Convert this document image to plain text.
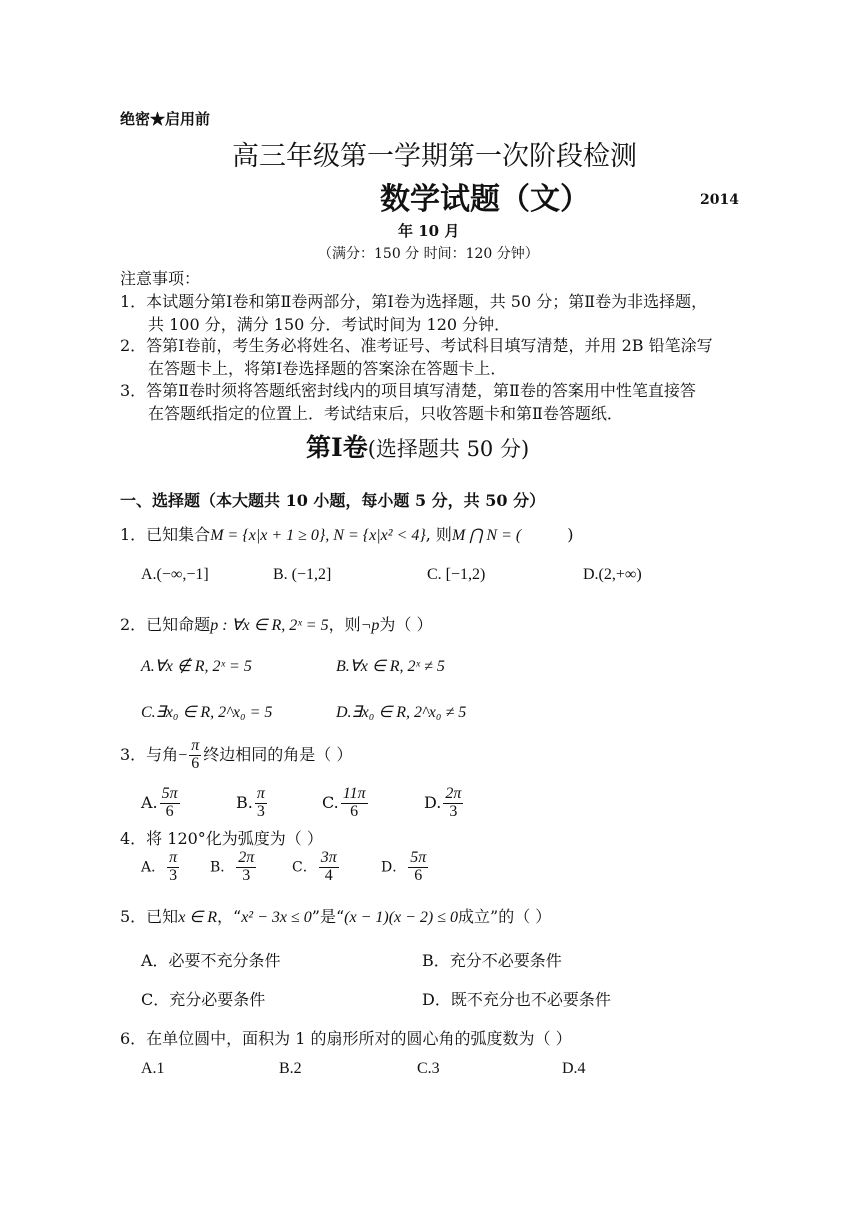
绝密★启用前
高三年级第一学期第一次阶段检测
数学试题（文）	2014
年 10 月
（满分：150 分 时间：120 分钟）
注意事项：
1．本试题分第Ⅰ卷和第Ⅱ卷两部分，第Ⅰ卷为选择题，共 50 分；第Ⅱ卷为非选择题，
共 100 分，满分 150 分．考试时间为 120 分钟．
2．答第Ⅰ卷前，考生务必将姓名、准考证号、考试科目填写清楚，并用 2B 铅笔涂写
在答题卡上，将第Ⅰ卷选择题的答案涂在答题卡上．
3．答第Ⅱ卷时须将答题纸密封线内的项目填写清楚，第Ⅱ卷的答案用中性笔直接答
在答题纸指定的位置上．考试结束后，只收答题卡和第Ⅱ卷答题纸．
第Ⅰ卷(选择题共 50 分)
一、选择题（本大题共 10 小题，每小题 5 分，共 50 分）
1．已知集合M = {x|x + 1 ≥ 0}, N = {x|x² < 4}, 则M ⋂ N = (	)
A.(−∞,−1]	B. (−1,2]	C. [−1,2)	D.(2,+∞)
2．已知命题p : ∀x ∈ R, 2ˣ = 5，则¬p为（ ）
A.∀x ∉ R, 2ˣ = 5	B.∀x ∈ R, 2ˣ ≠ 5
C.∃x₀ ∈ R, 2^x₀ = 5	D.∃x₀ ∈ R, 2^x₀ ≠ 5
3．与角− $\frac{\pi}{6}$ 终边相同的角是（ ）
A. $\frac{5\pi}{6}$	B. $\frac{\pi}{3}$	C. $\frac{11\pi}{6}$	D. $\frac{2\pi}{3}$
4．将 120°化为弧度为（ ）
A． $\frac{\pi}{3}$ B． $\frac{2\pi}{3}$	C． $\frac{3\pi}{4}$	D． $\frac{5\pi}{6}$
5．已知x ∈ R，“x² − 3x ≤ 0”是“(x − 1)(x − 2) ≤ 0成立”的（ ）
A．必要不充分条件	B．充分不必要条件
C．充分必要条件	D．既不充分也不必要条件
6．在单位圆中，面积为 1 的扇形所对的圆心角的弧度数为（ ）
A.1	B.2	C.3	D.4
